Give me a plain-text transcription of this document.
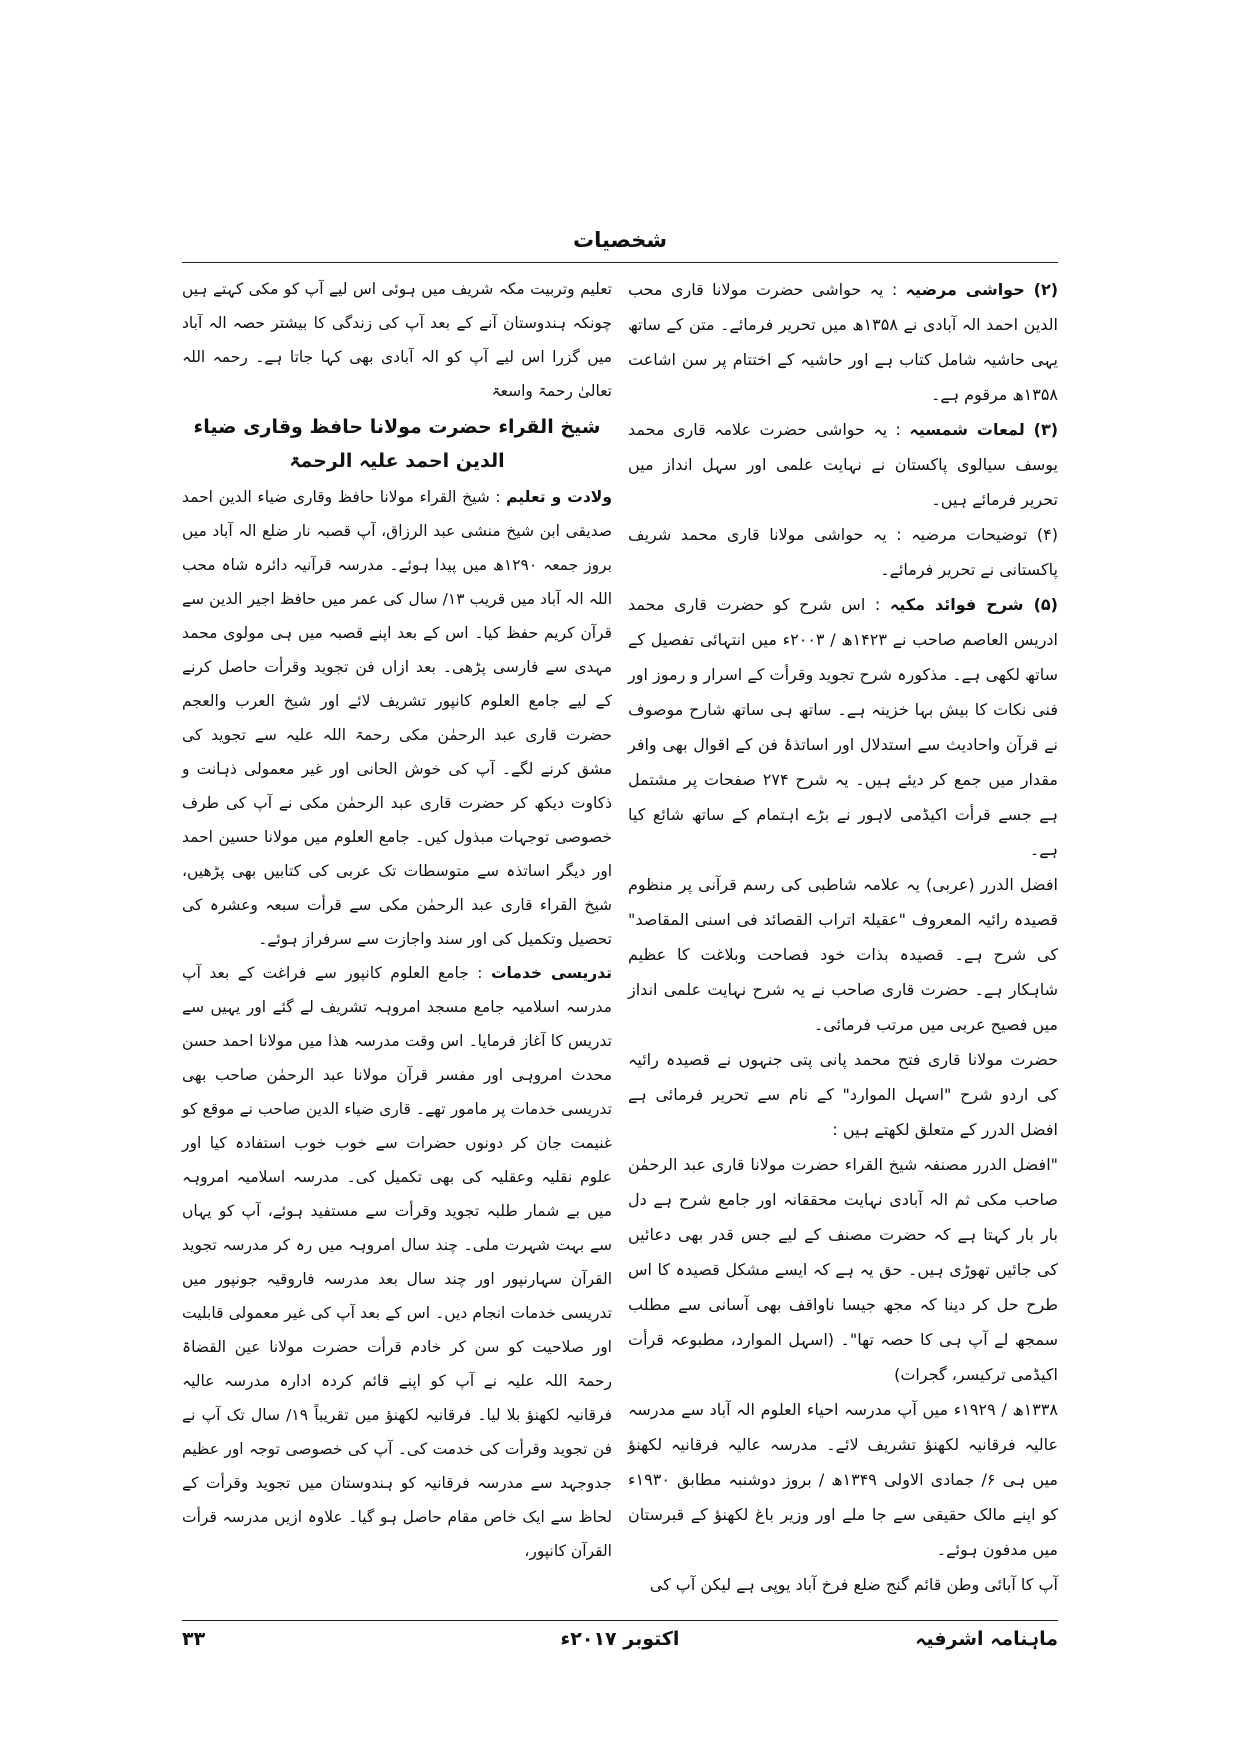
شخصیات

(۲) حواشی مرضیہ : یہ حواشی حضرت مولانا قاری محب الدین احمد الہ آبادی نے ۱۳۵۸ھ میں تحریر فرمائے۔ متن کے ساتھ یہی حاشیہ شامل کتاب ہے اور حاشیہ کے اختتام پر سن اشاعت ۱۳۵۸ھ مرقوم ہے۔

(۳) لمعات شمسیہ : یہ حواشی حضرت علامہ قاری محمد یوسف سیالوی پاکستان نے نہایت علمی اور سہل انداز میں تحریر فرمائے ہیں۔

(۴) توضیحات مرضیہ : یہ حواشی مولانا قاری محمد شریف پاکستانی نے تحریر فرمائے۔

(۵) شرح فوائد مکیہ : اس شرح کو حضرت قاری محمد ادریس العاصم صاحب نے ۱۴۲۳ھ / ۲۰۰۳ء میں انتہائی تفصیل کے ساتھ لکھی ہے۔ مذکورہ شرح تجوید وقرأت کے اسرار و رموز اور فنی نکات کا بیش بہا خزینہ ہے۔ ساتھ ہی ساتھ شارح موصوف نے قرآن واحادیث سے استدلال اور اساتذۂ فن کے اقوال بھی وافر مقدار میں جمع کر دیئے ہیں۔ یہ شرح ۲۷۴ صفحات پر مشتمل ہے جسے قرأت اکیڈمی لاہور نے بڑے اہتمام کے ساتھ شائع کیا ہے۔

افضل الدرر (عربی) یہ علامہ شاطبی کی رسم قرآنی پر منظوم قصیدہ رائیہ المعروف "عقیلۃ اتراب القصائد فی اسنی المقاصد" کی شرح ہے۔ قصیدہ بذات خود فصاحت وبلاغت کا عظیم شاہکار ہے۔ حضرت قاری صاحب نے یہ شرح نہایت علمی انداز میں فصیح عربی میں مرتب فرمائی۔

حضرت مولانا قاری فتح محمد پانی پتی جنہوں نے قصیدہ رائیہ کی اردو شرح "اسہل الموارد" کے نام سے تحریر فرمائی ہے افضل الدرر کے متعلق لکھتے ہیں :

"افضل الدرر مصنفہ شیخ القراء حضرت مولانا قاری عبد الرحمٰن صاحب مکی ثم الہ آبادی نہایت محققانہ اور جامع شرح ہے دل بار بار کہتا ہے کہ حضرت مصنف کے لیے جس قدر بھی دعائیں کی جائیں تھوڑی ہیں۔ حق یہ ہے کہ ایسے مشکل قصیدہ کا اس طرح حل کر دینا کہ مجھ جیسا ناواقف بھی آسانی سے مطلب سمجھ لے آپ ہی کا حصہ تھا"۔ (اسہل الموارد، مطبوعہ قرأت اکیڈمی ترکیسر، گجرات)

۱۳۳۸ھ / ۱۹۲۹ء میں آپ مدرسہ احیاء العلوم الہ آباد سے مدرسہ عالیہ فرقانیہ لکھنؤ تشریف لائے۔ مدرسہ عالیہ فرقانیہ لکھنؤ میں ہی ۶/ جمادی الاولی ۱۳۴۹ھ / بروز دوشنبہ مطابق ۱۹۳۰ء کو اپنے مالک حقیقی سے جا ملے اور وزیر باغ لکھنؤ کے قبرستان میں مدفون ہوئے۔

آپ کا آبائی وطن قائم گنج ضلع فرخ آباد یوپی ہے لیکن آپ کی

تعلیم وتربیت مکہ شریف میں ہوئی اس لیے آپ کو مکی کہتے ہیں چونکہ ہندوستان آنے کے بعد آپ کی زندگی کا بیشتر حصہ الہ آباد میں گزرا اس لیے آپ کو الہ آبادی بھی کہا جاتا ہے۔ رحمہ اللہ تعالیٰ رحمۃ واسعۃ

شیخ القراء حضرت مولانا حافظ وقاری ضیاء الدین احمد علیہ الرحمۃ

ولادت و تعلیم : شیخ القراء مولانا حافظ وقاری ضیاء الدین احمد صدیقی ابن شیخ منشی عبد الرزاق، آپ قصبہ نار ضلع الہ آباد میں بروز جمعہ ۱۲۹۰ھ میں پیدا ہوئے۔ مدرسہ قرآنیہ دائرہ شاہ محب اللہ الہ آباد میں قریب ۱۳/ سال کی عمر میں حافظ اجیر الدین سے قرآن کریم حفظ کیا۔ اس کے بعد اپنے قصبہ میں ہی مولوی محمد مہدی سے فارسی پڑھی۔ بعد ازاں فن تجوید وقرأت حاصل کرنے کے لیے جامع العلوم کانپور تشریف لائے اور شیخ العرب والعجم حضرت قاری عبد الرحمٰن مکی رحمۃ اللہ علیہ سے تجوید کی مشق کرنے لگے۔ آپ کی خوش الحانی اور غیر معمولی ذہانت و ذکاوت دیکھ کر حضرت قاری عبد الرحمٰن مکی نے آپ کی طرف خصوصی توجہات مبذول کیں۔ جامع العلوم میں مولانا حسین احمد اور دیگر اساتذہ سے متوسطات تک عربی کی کتابیں بھی پڑھیں، شیخ القراء قاری عبد الرحمٰن مکی سے قرأت سبعہ وعشرہ کی تحصیل وتکمیل کی اور سند واجازت سے سرفراز ہوئے۔

تدریسی خدمات : جامع العلوم کانپور سے فراغت کے بعد آپ مدرسہ اسلامیہ جامع مسجد امروہہ تشریف لے گئے اور یہیں سے تدریس کا آغاز فرمایا۔ اس وقت مدرسہ ھذا میں مولانا احمد حسن محدث امروہی اور مفسر قرآن مولانا عبد الرحمٰن صاحب بھی تدریسی خدمات پر مامور تھے۔ قاری ضیاء الدین صاحب نے موقع کو غنیمت جان کر دونوں حضرات سے خوب خوب استفادہ کیا اور علوم نقلیہ وعقلیہ کی بھی تکمیل کی۔ مدرسہ اسلامیہ امروہہ میں بے شمار طلبہ تجوید وقرأت سے مستفید ہوئے، آپ کو یہاں سے بہت شہرت ملی۔ چند سال امروہہ میں رہ کر مدرسہ تجوید القرآن سہارنپور اور چند سال بعد مدرسہ فاروقیہ جونپور میں تدریسی خدمات انجام دیں۔ اس کے بعد آپ کی غیر معمولی قابلیت اور صلاحیت کو سن کر خادم قرأت حضرت مولانا عین القضاۃ رحمۃ اللہ علیہ نے آپ کو اپنے قائم کردہ ادارہ مدرسہ عالیہ فرقانیہ لکھنؤ بلا لیا۔ فرقانیہ لکھنؤ میں تقریباً ۱۹/ سال تک آپ نے فن تجوید وقرأت کی خدمت کی۔ آپ کی خصوصی توجہ اور عظیم جدوجہد سے مدرسہ فرقانیہ کو ہندوستان میں تجوید وقرأت کے لحاظ سے ایک خاص مقام حاصل ہو گیا۔ علاوہ ازیں مدرسہ قرأت القرآن کانپور،

۳۳	اکتوبر ۲۰۱۷ء	ماہنامہ اشرفیہ
